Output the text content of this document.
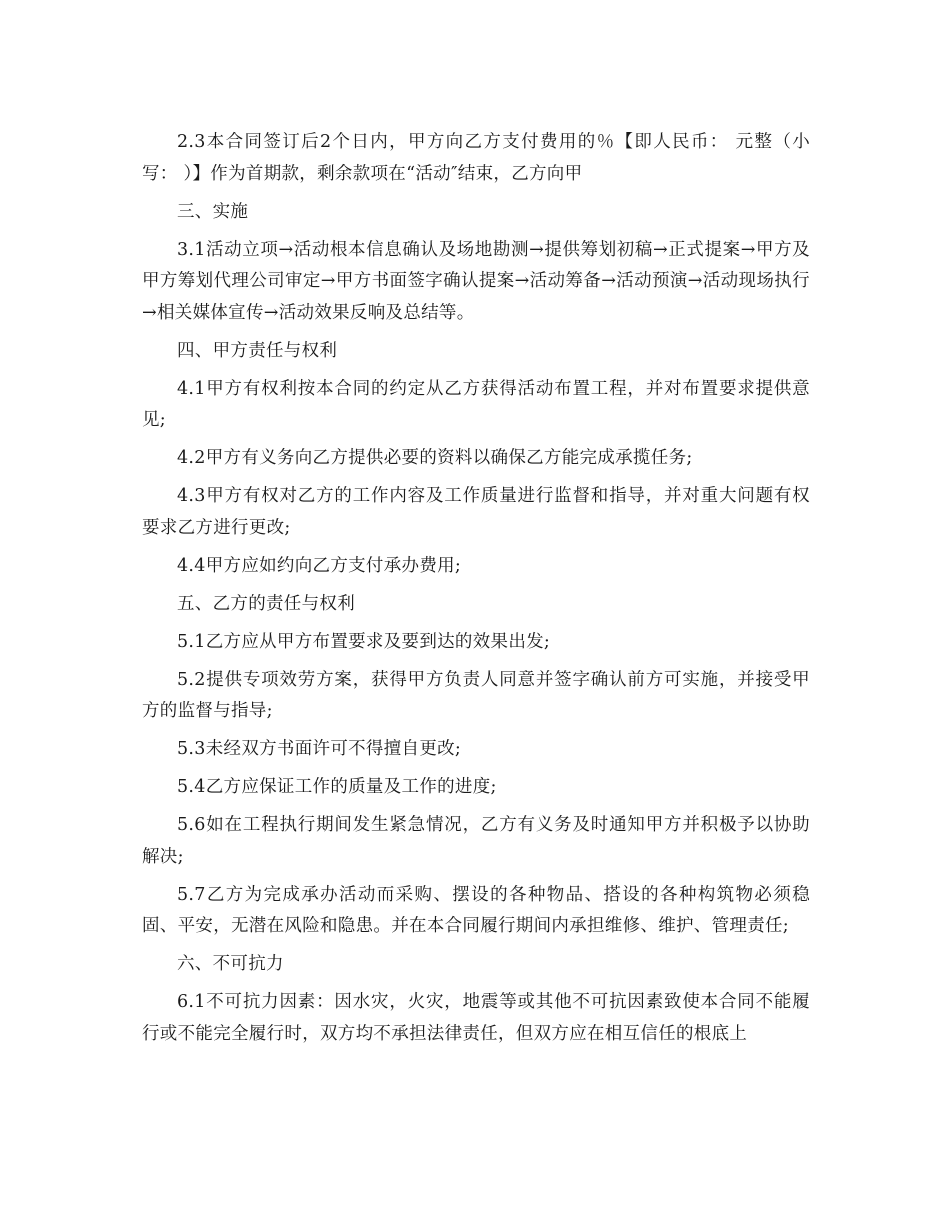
2.3本合同签订后2个日内，甲方向乙方支付费用的％【即人民币： 元整（小写： ）】作为首期款，剩余款项在“活动″结束，乙方向甲

三、实施

3.1活动立项→活动根本信息确认及场地勘测→提供筹划初稿→正式提案→甲方及甲方筹划代理公司审定→甲方书面签字确认提案→活动筹备→活动预演→活动现场执行→相关媒体宣传→活动效果反响及总结等。

四、甲方责任与权利

4.1甲方有权利按本合同的约定从乙方获得活动布置工程，并对布置要求提供意见;

4.2甲方有义务向乙方提供必要的资料以确保乙方能完成承揽任务;

4.3甲方有权对乙方的工作内容及工作质量进行监督和指导，并对重大问题有权要求乙方进行更改;

4.4甲方应如约向乙方支付承办费用;

五、乙方的责任与权利

5.1乙方应从甲方布置要求及要到达的效果出发;

5.2提供专项效劳方案，获得甲方负责人同意并签字确认前方可实施，并接受甲方的监督与指导;

5.3未经双方书面许可不得擅自更改;

5.4乙方应保证工作的质量及工作的进度;

5.6如在工程执行期间发生紧急情况，乙方有义务及时通知甲方并积极予以协助解决;

5.7乙方为完成承办活动而采购、摆设的各种物品、搭设的各种构筑物必须稳固、平安，无潜在风险和隐患。并在本合同履行期间内承担维修、维护、管理责任;

六、不可抗力

6.1不可抗力因素：因水灾，火灾，地震等或其他不可抗因素致使本合同不能履行或不能完全履行时，双方均不承担法律责任，但双方应在相互信任的根底上
